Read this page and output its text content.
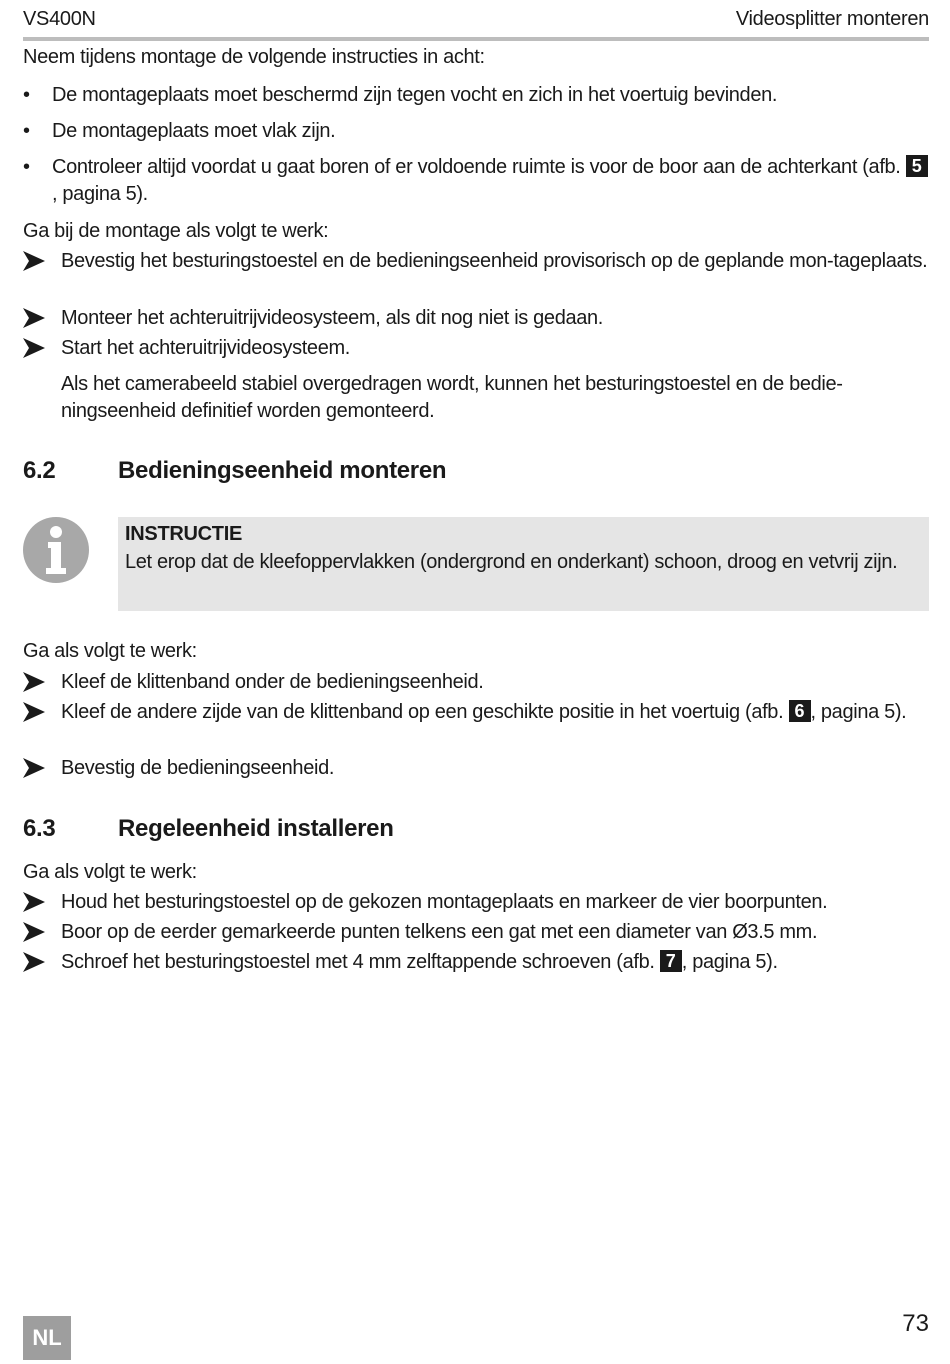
VS400N	Videosplitter monteren
Neem tijdens montage de volgende instructies in acht:
•	De montageplaats moet beschermd zijn tegen vocht en zich in het voertuig bevinden.
•	De montageplaats moet vlak zijn.
•	Controleer altijd voordat u gaat boren of er voldoende ruimte is voor de boor aan de achterkant (afb. 5, pagina 5).
Ga bij de montage als volgt te werk:
Bevestig het besturingstoestel en de bedieningseenheid provisorisch op de geplande mon-tageplaats.
Monteer het achteruitrijvideosysteem, als dit nog niet is gedaan.
Start het achteruitrijvideosysteem.
Als het camerabeeld stabiel overgedragen wordt, kunnen het besturingstoestel en de bedie-ningseenheid definitief worden gemonteerd.
6.2	Bedieningseenheid monteren
INSTRUCTIE
Let erop dat de kleefoppervlakken (ondergrond en onderkant) schoon, droog en vetvrij zijn.
Ga als volgt te werk:
Kleef de klittenband onder de bedieningseenheid.
Kleef de andere zijde van de klittenband op een geschikte positie in het voertuig (afb. 6 , pagina 5).
Bevestig de bedieningseenheid.
6.3	Regeleenheid installeren
Ga als volgt te werk:
Houd het besturingstoestel op de gekozen montageplaats en markeer de vier boorpunten.
Boor op de eerder gemarkeerde punten telkens een gat met een diameter van Ø3.5 mm.
Schroef het besturingstoestel met 4 mm zelftappende schroeven (afb. 7 , pagina 5).
NL
73
